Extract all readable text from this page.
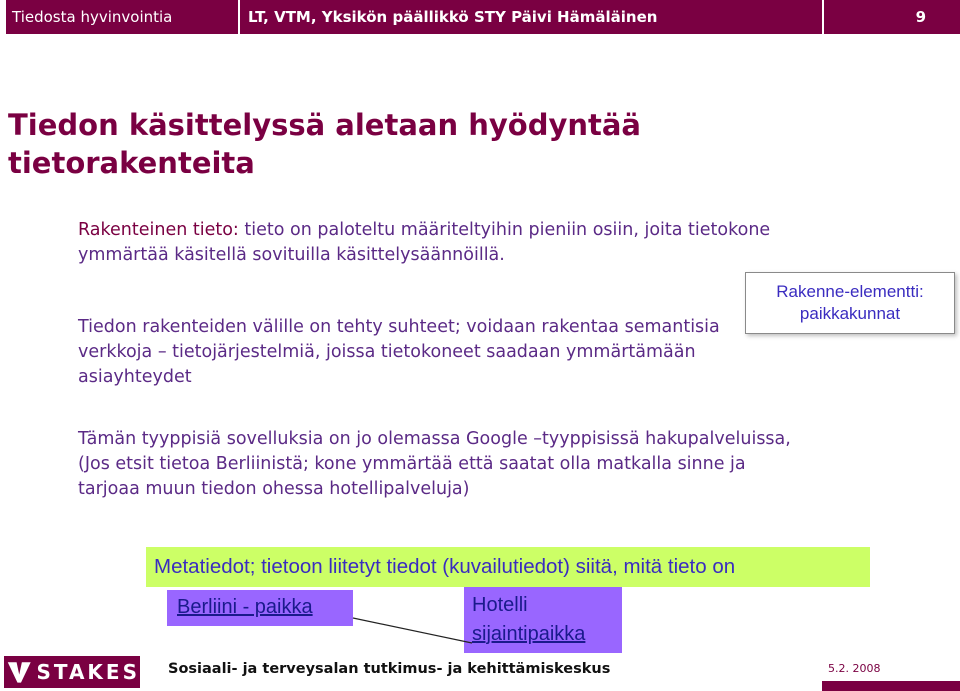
Tiedosta hyvinvointia	LT, VTM, Yksikön päällikkö STY Päivi Hämäläinen	9
Tiedon käsittelyssä aletaan hyödyntää
tietorakenteita
Rakenteinen tieto: tieto on paloteltu määriteltyihin pieniin osiin, joita tietokone ymmärtää käsitellä sovituilla käsittelysäännöillä.
Tiedon rakenteiden välille on tehty suhteet; voidaan rakentaa semantisia verkkoja – tietojärjestelmiä, joissa tietokoneet saadaan ymmärtämään asiayhteydet
Tämän tyyppisiä sovelluksia on jo olemassa Google –tyyppisissä hakupalveluissa, (Jos etsit tietoa Berliinistä; kone ymmärtää että saatat olla matkalla sinne ja tarjoaa muun tiedon ohessa hotellipalveluja)
Rakenne-elementti:
paikkakunnat
Metatiedot; tietoon liitetyt tiedot (kuvailutiedot) siitä, mitä tieto on
Berliini - paikka	Hotelli
sijaintipaikka
STAKES Sosiaali- ja terveysalan tutkimus- ja kehittämiskeskus	5.2. 2008
